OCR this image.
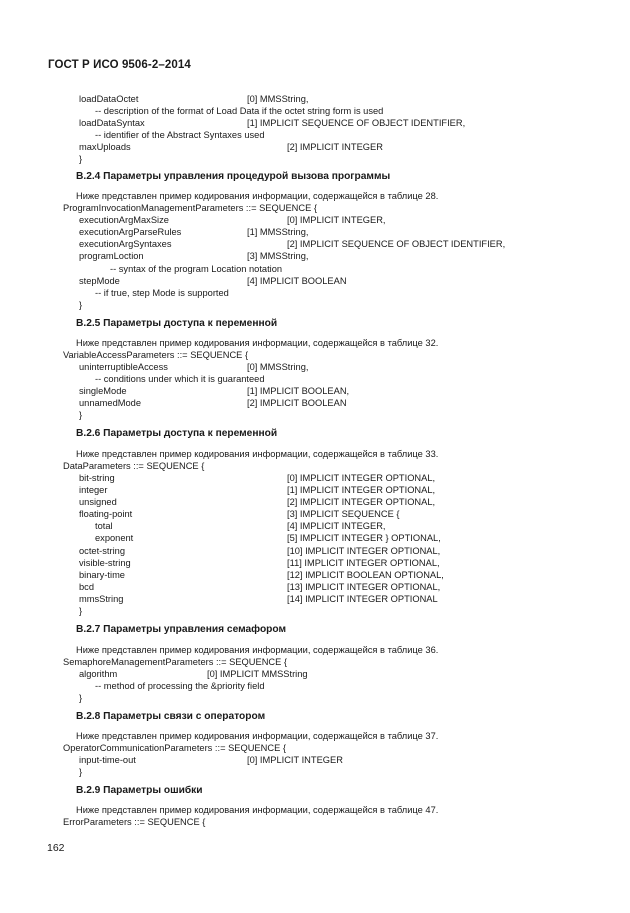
ГОСТ Р ИСО 9506-2–2014
loadDataOctet	[0] MMSString,
-- description of the format of Load Data if the octet string form is used
loadDataSyntax	[1] IMPLICIT SEQUENCE OF OBJECT IDENTIFIER,
-- identifier of the Abstract Syntaxes used
maxUploads	[2] IMPLICIT INTEGER
}
В.2.4 Параметры управления процедурой вызова программы
Ниже представлен пример кодирования информации, содержащейся в таблице 28.
ProgramInvocationManagementParameters ::= SEQUENCE {
executionArgMaxSize	[0] IMPLICIT INTEGER,
executionArgParseRules	[1] MMSString,
executionArgSyntaxes	[2] IMPLICIT SEQUENCE OF OBJECT IDENTIFIER,
programLoction	[3] MMSString,
-- syntax of the program Location notation
stepMode	[4] IMPLICIT BOOLEAN
-- if true, step Mode is supported
}
В.2.5 Параметры доступа к переменной
Ниже представлен пример кодирования информации, содержащейся в таблице 32.
VariableAccessParameters ::= SEQUENCE {
uninterruptibleAccess	[0] MMSString,
-- conditions under which it is guaranteed
singleMode	[1] IMPLICIT BOOLEAN,
unnamedMode	[2] IMPLICIT BOOLEAN
}
В.2.6 Параметры доступа к переменной
Ниже представлен пример кодирования информации, содержащейся в таблице 33.
DataParameters ::= SEQUENCE {
bit-string	[0] IMPLICIT INTEGER OPTIONAL,
integer	[1] IMPLICIT INTEGER OPTIONAL,
unsigned	[2] IMPLICIT INTEGER OPTIONAL,
floating-point	[3] IMPLICIT SEQUENCE {
total	[4] IMPLICIT INTEGER,
exponent	[5] IMPLICIT INTEGER } OPTIONAL,
octet-string	[10] IMPLICIT INTEGER OPTIONAL,
visible-string	[11] IMPLICIT INTEGER OPTIONAL,
binary-time	[12] IMPLICIT BOOLEAN OPTIONAL,
bcd	[13] IMPLICIT INTEGER OPTIONAL,
mmsString	[14] IMPLICIT INTEGER OPTIONAL
}
В.2.7 Параметры управления семафором
Ниже представлен пример кодирования информации, содержащейся в таблице 36.
SemaphoreManagementParameters ::= SEQUENCE {
algorithm	[0] IMPLICIT MMSString
-- method of processing the &priority field
}
В.2.8 Параметры связи с оператором
Ниже представлен пример кодирования информации, содержащейся в таблице 37.
OperatorCommunicationParameters ::= SEQUENCE {
input-time-out	[0] IMPLICIT INTEGER
}
В.2.9 Параметры ошибки
Ниже представлен пример кодирования информации, содержащейся в таблице 47.
ErrorParameters ::= SEQUENCE {
162
